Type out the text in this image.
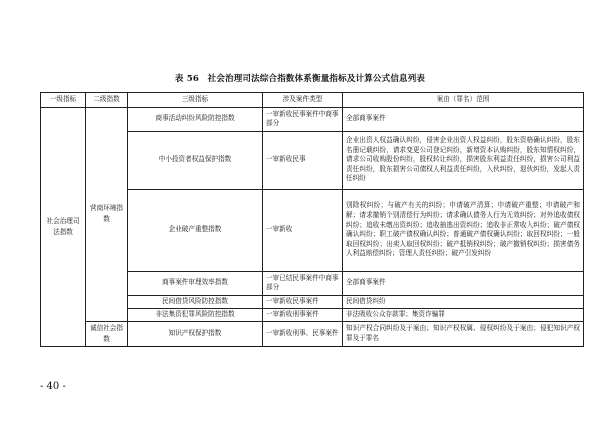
表 56　社会治理司法综合指数体系衡量指标及计算公式信息列表
一级指标	二级指数	三级指标	涉及案件类型	案由（罪名）范围
社会治理司法指数	营商环境指数	商事活动纠纷风险防控指数	一审新收民事案件中商事部分	全部商事案件
		中小投资者权益保护指数	一审新收民事	企业出资人权益确认纠纷，侵害企业出资人权益纠纷，股东资格确认纠纷，股东名册记载纠纷，请求变更公司登记纠纷，新增资本认购纠纷，股东知情权纠纷，请求公司收购股份纠纷，股权转让纠纷，损害股东利益责任纠纷，损害公司利益责任纠纷，股东损害公司债权人利益责任纠纷，入伙纠纷，退伙纠纷，发起人责任纠纷
		企业破产重整指数	一审新收	别除权纠纷；与破产有关的纠纷；申请破产清算；申请破产重整；申请破产和解；请求撤销个别清偿行为纠纷；请求确认债务人行为无效纠纷；对外追收债权纠纷；追收未缴出资纠纷；追收抽逃出资纠纷；追收非正常收入纠纷；破产债权确认纠纷；职工破产债权确认纠纷；普通破产债权确认纠纷；取回权纠纷；一般取回权纠纷；出卖人取回权纠纷；破产抵销权纠纷；破产撤销权纠纷；损害债务人利益赔偿纠纷；管理人责任纠纷；破产引发纠纷
		商事案件审理效率指数	一审已结民事案件中商事部分	全部商事案件
		民间借贷风险防控指数	一审新收民事案件	民间借贷纠纷
		非法集资犯罪风险防控指数	一审新收刑事案件	非法吸收公众存款罪；集资诈骗罪
	诚信社会指数	知识产权保护指数	一审新收刑事、民事案件	知识产权合同纠纷及于案由；知识产权权属、侵权纠纷及于案由；侵犯知识产权罪及于罪名
- 40 -
